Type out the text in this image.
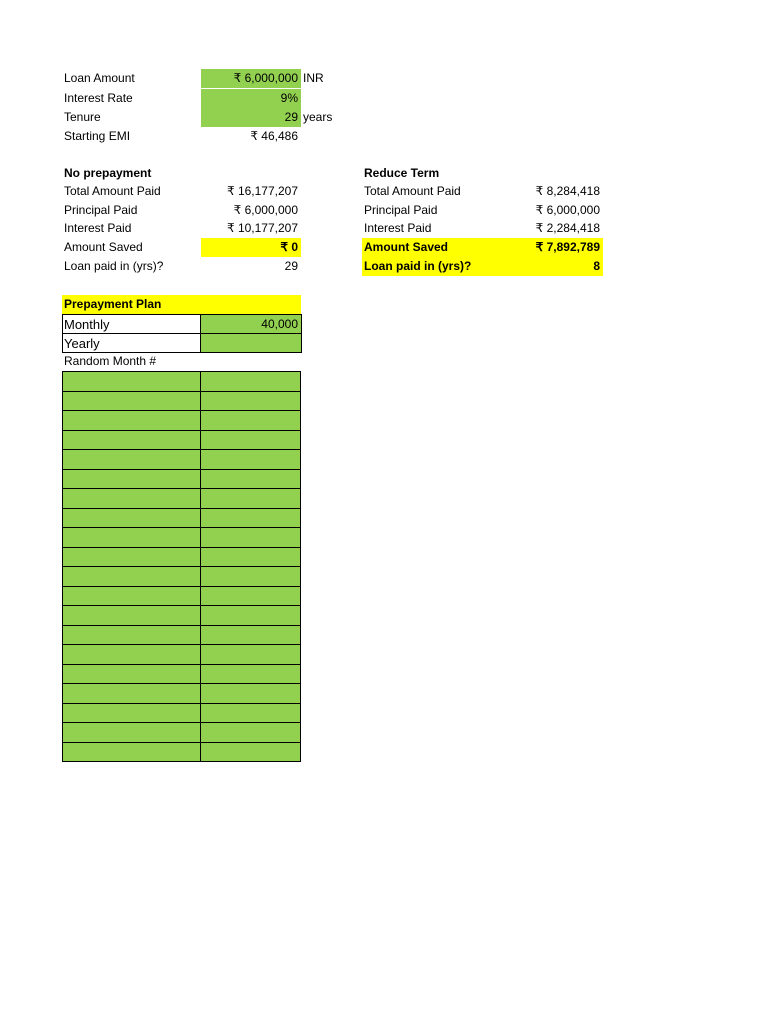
Loan Amount	₹ 6,000,000 INR
Interest Rate	9%
Tenure	29 years
Starting EMI	₹ 46,486
No prepayment
Total Amount Paid	₹ 16,177,207
Principal Paid	₹ 6,000,000
Interest Paid	₹ 10,177,207
Amount Saved	₹ 0
Loan paid in (yrs)?	29
Reduce Term
Total Amount Paid	₹ 8,284,418
Principal Paid	₹ 6,000,000
Interest Paid	₹ 2,284,418
Amount Saved	₹ 7,892,789
Loan paid in (yrs)?	8
Prepayment Plan
Monthly	40,000
Yearly
Random Month #
